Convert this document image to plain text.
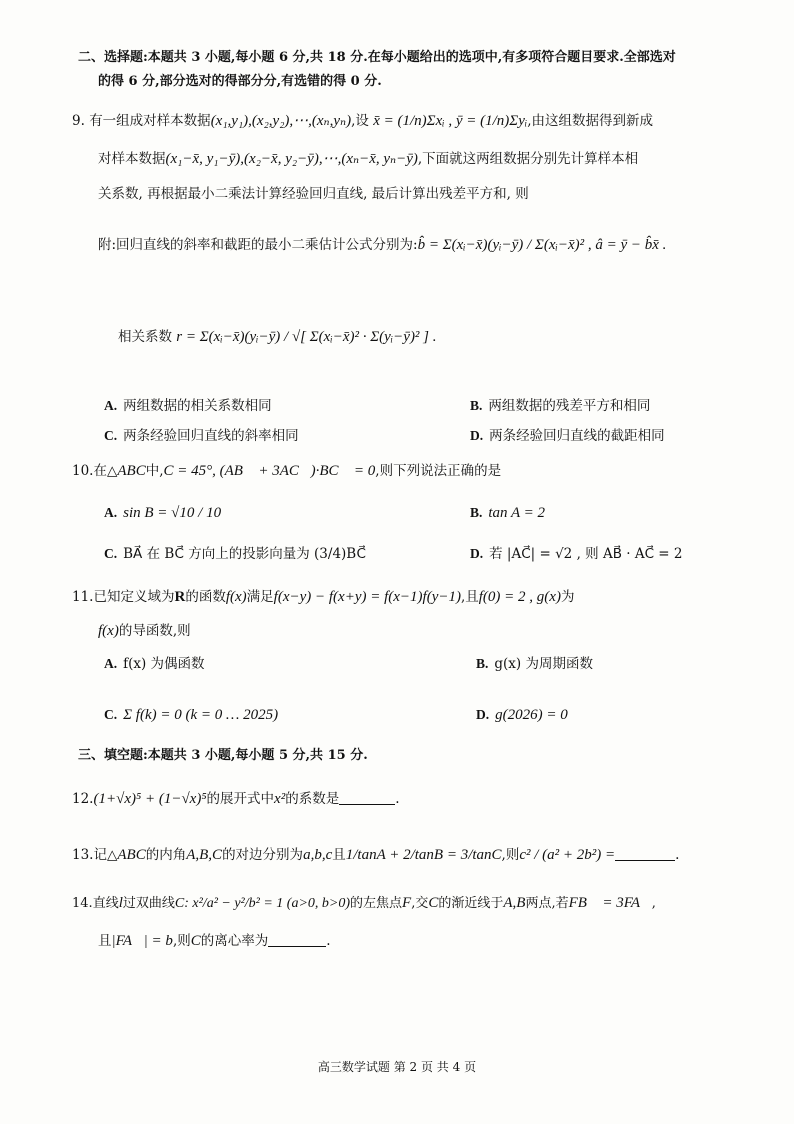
二、选择题:本题共 3 小题,每小题 6 分,共 18 分.在每小题给出的选项中,有多项符合题目要求.全部选对
的得 6 分,部分选对的得部分分,有选错的得 0 分.
9. 有一组成对样本数据(x₁,y₁),(x₂,y₂),⋯,(xₙ,yₙ),设 x̄ = (1/n)Σxᵢ , ȳ = (1/n)Σyᵢ,由这组数据得到新成
对样本数据(x₁−x̄, y₁−ȳ),(x₂−x̄, y₂−ȳ),⋯,(xₙ−x̄, yₙ−ȳ),下面就这两组数据分别先计算样本相
关系数, 再根据最小二乘法计算经验回归直线, 最后计算出残差平方和, 则
附:回归直线的斜率和截距的最小二乘估计公式分别为:b̂ = Σ(xᵢ−x̄)(yᵢ−ȳ) / Σ(xᵢ−x̄)² , â = ȳ − b̂x̄ .
相关系数 r = Σ(xᵢ−x̄)(yᵢ−ȳ) / √[ Σ(xᵢ−x̄)² · Σ(yᵢ−ȳ)² ] .
A. 两组数据的相关系数相同	B. 两组数据的残差平方和相同
C. 两条经验回归直线的斜率相同	D. 两条经验回归直线的截距相同
10.在△ABC中,C = 45°, (AB⃗ + 3AC⃗)·BC⃗ = 0,则下列说法正确的是
A. sin B = √10 / 10	B. tan A = 2
C. BA⃗ 在 BC⃗ 方向上的投影向量为 (3/4)BC⃗	D. 若 |AC⃗| = √2 , 则 AB⃗ · AC⃗ = 2
11.已知定义域为R的函数f(x)满足f(x−y) − f(x+y) = f(x−1)f(y−1),且f(0) = 2 , g(x)为
f(x)的导函数,则
A. f(x) 为偶函数	B. g(x) 为周期函数
C. Σ f(k) = 0 (k = 0 … 2025)	D. g(2026) = 0
三、填空题:本题共 3 小题,每小题 5 分,共 15 分.
12.(1+√x)⁵ + (1−√x)⁵的展开式中x²的系数是	.
13.记△ABC的内角A,B,C的对边分别为a,b,c且1/tanA + 2/tanB = 3/tanC,则c² / (a² + 2b²) =	.
14.直线l过双曲线C: x²/a² − y²/b² = 1 (a>0, b>0)的左焦点F,交C的渐近线于A,B两点,若FB⃗ = 3FA⃗,
且|FA⃗| = b,则C的离心率为	.
高三数学试题 第 2 页 共 4 页
